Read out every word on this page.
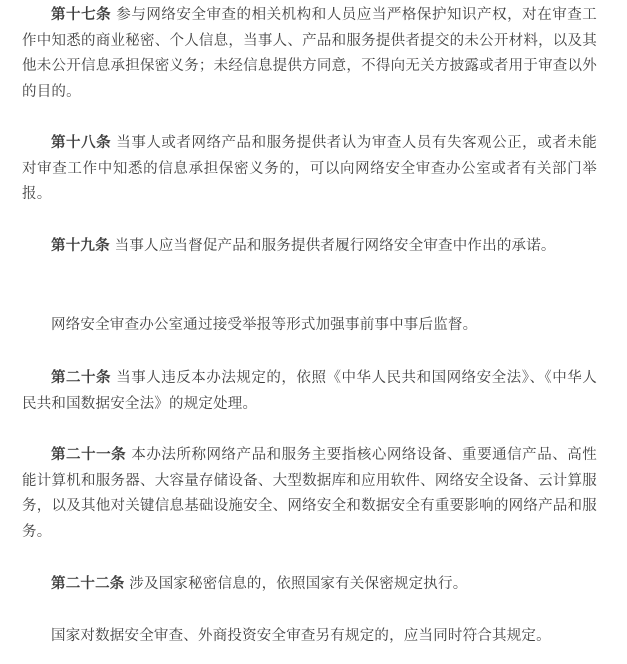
第十七条 参与网络安全审查的相关机构和人员应当严格保护知识产权，对在审查工作中知悉的商业秘密、个人信息，当事人、产品和服务提供者提交的未公开材料，以及其他未公开信息承担保密义务；未经信息提供方同意，不得向无关方披露或者用于审查以外的目的。

第十八条 当事人或者网络产品和服务提供者认为审查人员有失客观公正，或者未能对审查工作中知悉的信息承担保密义务的，可以向网络安全审查办公室或者有关部门举报。

第十九条 当事人应当督促产品和服务提供者履行网络安全审查中作出的承诺。

网络安全审查办公室通过接受举报等形式加强事前事中事后监督。

第二十条 当事人违反本办法规定的，依照《中华人民共和国网络安全法》、《中华人民共和国数据安全法》的规定处理。

第二十一条 本办法所称网络产品和服务主要指核心网络设备、重要通信产品、高性能计算机和服务器、大容量存储设备、大型数据库和应用软件、网络安全设备、云计算服务，以及其他对关键信息基础设施安全、网络安全和数据安全有重要影响的网络产品和服务。

第二十二条 涉及国家秘密信息的，依照国家有关保密规定执行。

国家对数据安全审查、外商投资安全审查另有规定的，应当同时符合其规定。
